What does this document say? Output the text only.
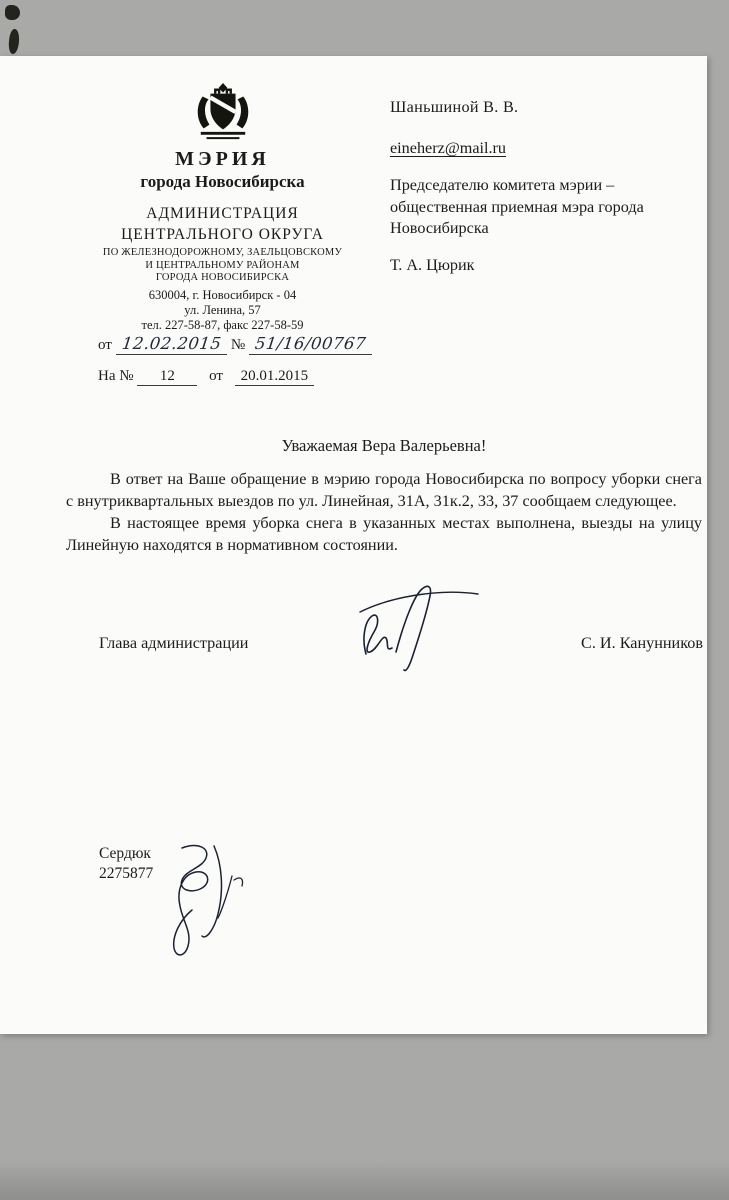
МЭРИЯ
города Новосибирска
АДМИНИСТРАЦИЯ
ЦЕНТРАЛЬНОГО ОКРУГА
ПО ЖЕЛЕЗНОДОРОЖНОМУ, ЗАЕЛЬЦОВСКОМУ
И ЦЕНТРАЛЬНОМУ РАЙОНАМ
ГОРОДА НОВОСИБИРСКА
630004, г. Новосибирск - 04
ул. Ленина, 57
тел. 227-58-87, факс 227-58-59
от 12.02.2015 № 51/16/00767
На № 12 от 20.01.2015
Шаньшиной В. В.
eineherz@mail.ru
Председателю комитета мэрии –
общественная приемная мэра города
Новосибирска
Т. А. Цюрик
Уважаемая Вера Валерьевна!

В ответ на Ваше обращение в мэрию города Новосибирска по вопросу уборки снега с внутриквартальных выездов по ул. Линейная, 31А, 31к.2, 33, 37 сообщаем следующее.

В настоящее время уборка снега в указанных местах выполнена, выезды на улицу Линейную находятся в нормативном состоянии.

Глава администрации	С. И. Канунников
Сердюк
2275877
